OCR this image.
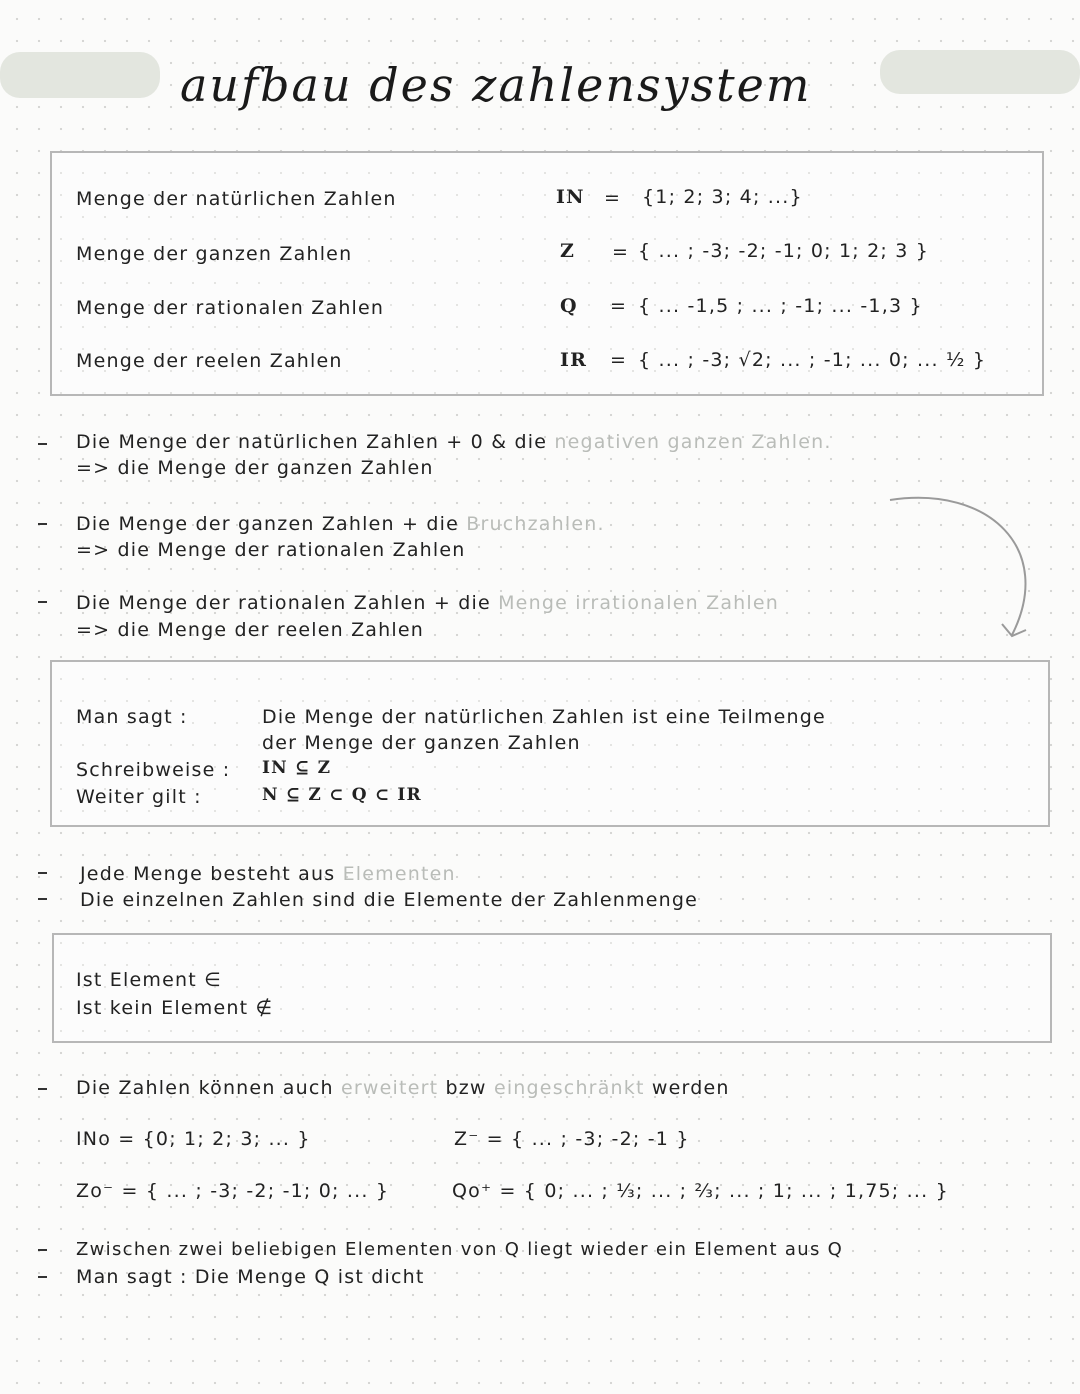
aufbau des zahlensystem
Menge der natürlichen Zahlen	IN = {1; 2; 3; 4; ...}
Menge der ganzen Zahlen	Z = { ... ; -3; -2; -1; 0; 1; 2; 3 }
Menge der rationalen Zahlen	Q = { ... -1,5 ; ... ; -1; ... -1,3 }
Menge der reelen Zahlen	IR = { ... ; -3; √2; ... ; -1; ... 0; ... ½ }
Die Menge der natürlichen Zahlen + 0 & die negativen ganzen Zahlen.
=> die Menge der ganzen Zahlen
Die Menge der ganzen Zahlen + die Bruchzahlen.
=> die Menge der rationalen Zahlen
Die Menge der rationalen Zahlen + die Menge irrationalen Zahlen
=> die Menge der reelen Zahlen
Man sagt :	Die Menge der natürlichen Zahlen ist eine Teilmenge
der Menge der ganzen Zahlen
Schreibweise : IN ⊆ Z
Weiter gilt :	N ⊆ Z ⊂ Q ⊂ IR
Jede Menge besteht aus Elementen
Die einzelnen Zahlen sind die Elemente der Zahlenmenge
Ist Element ∈
Ist kein Element ∉
Die Zahlen können auch erweitert bzw eingeschränkt werden
INo = {0; 1; 2; 3; ... }	Z⁻ = { ... ; -3; -2; -1 }
Zo⁻ = { ... ; -3; -2; -1; 0; ... }	Qo⁺ = { 0; ... ; ⅓; ... ; ⅔; ... ; 1; ... ; 1,75; ... }
Zwischen zwei beliebigen Elementen von Q liegt wieder ein Element aus Q
Man sagt : Die Menge Q ist dicht
